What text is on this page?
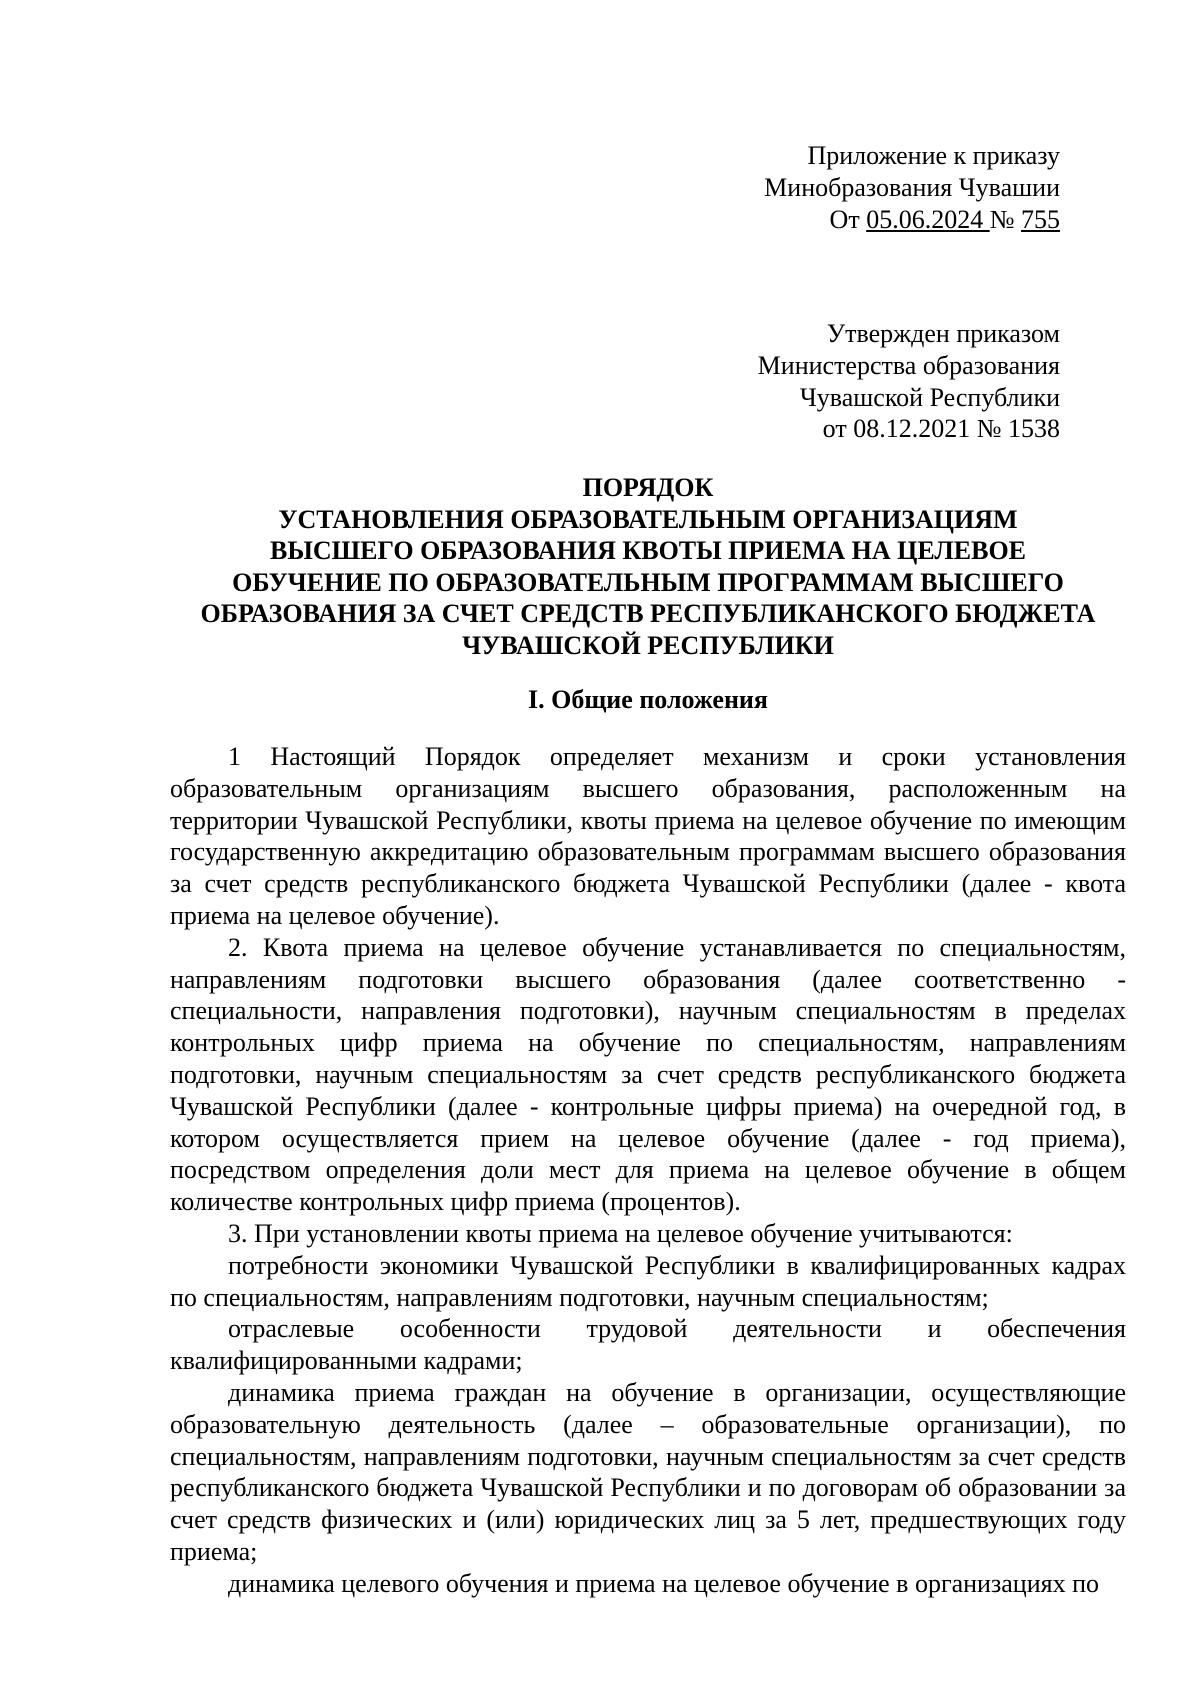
Приложение к приказу
Минобразования Чувашии
От 05.06.2024 № 755
Утвержден приказом
Министерства образования
Чувашской Республики
от 08.12.2021 № 1538
ПОРЯДОК
УСТАНОВЛЕНИЯ ОБРАЗОВАТЕЛЬНЫМ ОРГАНИЗАЦИЯМ
ВЫСШЕГО ОБРАЗОВАНИЯ КВОТЫ ПРИЕМА НА ЦЕЛЕВОЕ
ОБУЧЕНИЕ ПО ОБРАЗОВАТЕЛЬНЫМ ПРОГРАММАМ ВЫСШЕГО
ОБРАЗОВАНИЯ ЗА СЧЕТ СРЕДСТВ РЕСПУБЛИКАНСКОГО БЮДЖЕТА
ЧУВАШСКОЙ РЕСПУБЛИКИ
I. Общие положения

1 Настоящий Порядок определяет механизм и сроки установления образовательным организациям высшего образования, расположенным на территории Чувашской Республики, квоты приема на целевое обучение по имеющим государственную аккредитацию образовательным программам высшего образования за счет средств республиканского бюджета Чувашской Республики (далее - квота приема на целевое обучение).

2. Квота приема на целевое обучение устанавливается по специальностям, направлениям подготовки высшего образования (далее соответственно - специальности, направления подготовки), научным специальностям в пределах контрольных цифр приема на обучение по специальностям, направлениям подготовки, научным специальностям за счет средств республиканского бюджета Чувашской Республики (далее - контрольные цифры приема) на очередной год, в котором осуществляется прием на целевое обучение (далее - год приема), посредством определения доли мест для приема на целевое обучение в общем количестве контрольных цифр приема (процентов).

3. При установлении квоты приема на целевое обучение учитываются:

потребности экономики Чувашской Республики в квалифицированных кадрах по специальностям, направлениям подготовки, научным специальностям;

отраслевые особенности трудовой деятельности и обеспечения квалифицированными кадрами;

динамика приема граждан на обучение в организации, осуществляющие образовательную деятельность (далее – образовательные организации), по специальностям, направлениям подготовки, научным специальностям за счет средств республиканского бюджета Чувашской Республики и по договорам об образовании за счет средств физических и (или) юридических лиц за 5 лет, предшествующих году приема;

динамика целевого обучения и приема на целевое обучение в организациях по
